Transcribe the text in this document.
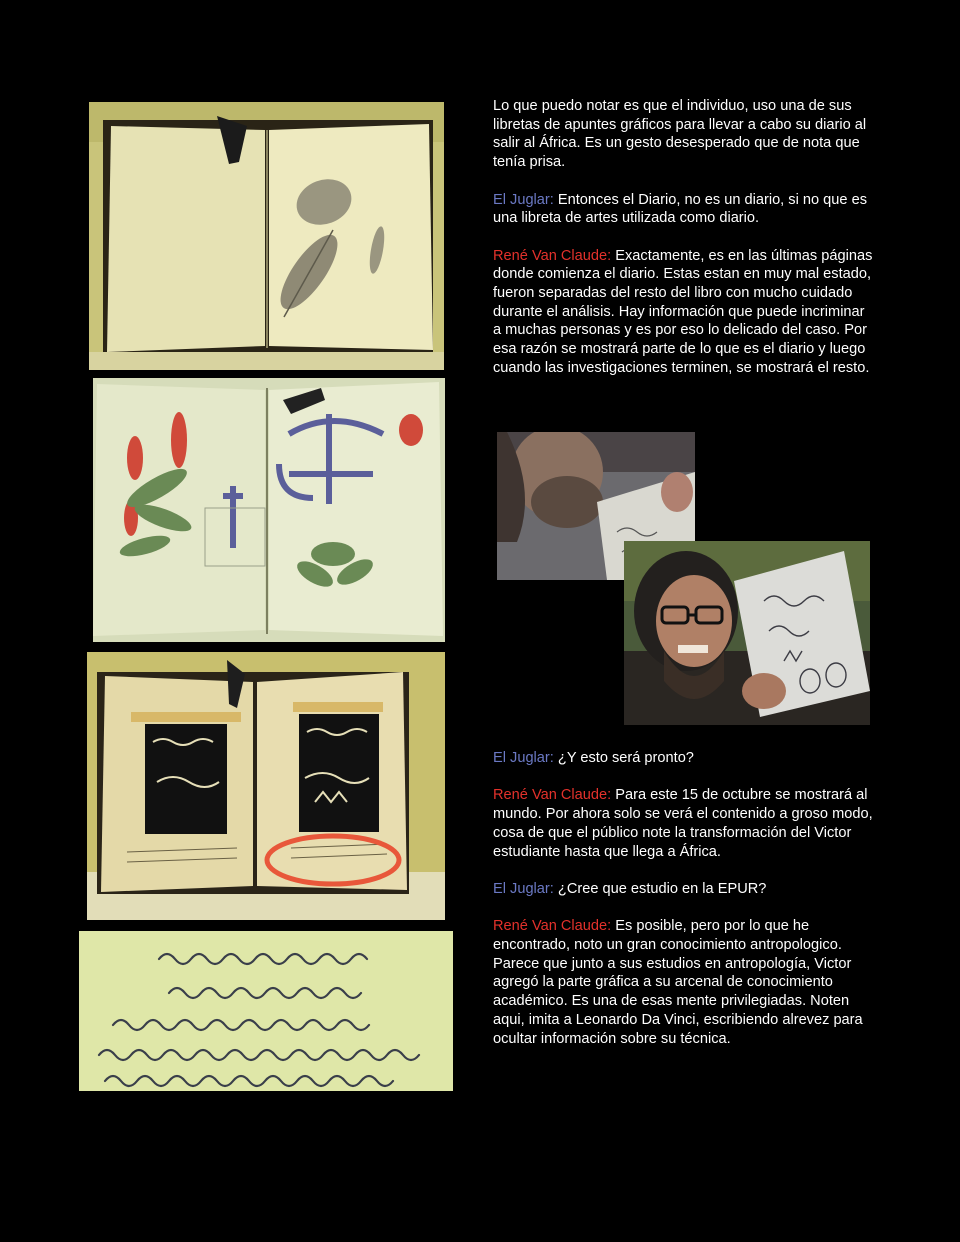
Lo que puedo notar es que el individuo, uso una de sus libretas de apuntes gráficos para llevar a cabo su diario al salir al África. Es un gesto desesperado que de nota que tenía prisa.

El Juglar: Entonces el Diario, no es un diario, si no que es una libreta de artes utilizada como diario.

René Van Claude: Exactamente, es en las últimas páginas donde comienza el diario. Estas estan en muy mal estado, fueron separadas del resto del libro con mucho cuidado durante el análisis. Hay información que puede incriminar a muchas personas y es por eso lo delicado del caso. Por esa razón se mostrará parte de lo que es el diario y luego cuando las investigaciones terminen, se mostrará el resto.

El Juglar: ¿Y esto será pronto?

René Van Claude: Para este 15 de octubre se mostrará al mundo. Por ahora solo se verá el contenido a groso modo, cosa de que el público note la transformación del Victor estudiante hasta que llega a África.

El Juglar: ¿Cree que estudio en la EPUR?

René Van Claude: Es posible, pero por lo que he encontrado, noto un gran conocimiento antropologico. Parece que junto a sus estudios en antropología, Victor agregó la parte gráfica a su arcenal de conocimiento académico. Es una de esas mente privilegiadas. Noten aqui, imita a Leonardo Da Vinci, escribiendo alrevez para ocultar información sobre su técnica.
